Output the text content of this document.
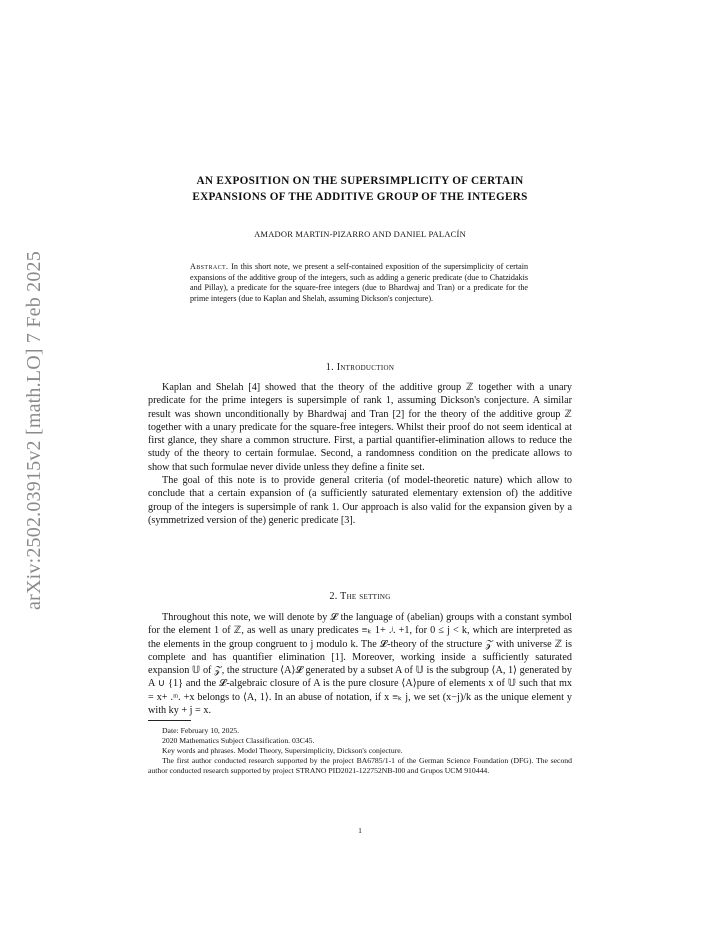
arXiv:2502.03915v2 [math.LO] 7 Feb 2025
AN EXPOSITION ON THE SUPERSIMPLICITY OF CERTAIN
EXPANSIONS OF THE ADDITIVE GROUP OF THE INTEGERS
AMADOR MARTIN-PIZARRO AND DANIEL PALACÍN
Abstract. In this short note, we present a self-contained exposition of the supersimplicity of certain expansions of the additive group of the integers, such as adding a generic predicate (due to Chatzidakis and Pillay), a predicate for the square-free integers (due to Bhardwaj and Tran) or a predicate for the prime integers (due to Kaplan and Shelah, assuming Dickson's conjecture).
1. Introduction

Kaplan and Shelah [4] showed that the theory of the additive group ℤ together with a unary predicate for the prime integers is supersimple of rank 1, assuming Dickson's conjecture. A similar result was shown unconditionally by Bhardwaj and Tran [2] for the theory of the additive group ℤ together with a unary predicate for the square-free integers. Whilst their proof do not seem identical at first glance, they share a common structure. First, a partial quantifier-elimination allows to reduce the study of the theory to certain formulae. Second, a randomness condition on the predicate allows to show that such formulae never divide unless they define a finite set.

The goal of this note is to provide general criteria (of model-theoretic nature) which allow to conclude that a certain expansion of (a sufficiently saturated elementary extension of) the additive group of the integers is supersimple of rank 1. Our approach is also valid for the expansion given by a (symmetrized version of the) generic predicate [3].

2. The setting

Throughout this note, we will denote by 𝓛 the language of (abelian) groups with a constant symbol for the element 1 of ℤ, as well as unary predicates ≡ₖ 1+ .ʲ. +1, for 0 ≤ j < k, which are interpreted as the elements in the group congruent to j modulo k. The 𝓛-theory of the structure 𝒵 with universe ℤ is complete and has quantifier elimination [1]. Moreover, working inside a sufficiently saturated expansion 𝕌 of 𝒵, the structure ⟨A⟩𝓛 generated by a subset A of 𝕌 is the subgroup ⟨A, 1⟩ generated by A ∪ {1} and the 𝓛-algebraic closure of A is the pure closure ⟨A⟩pure of elements x of 𝕌 such that mx = x+ .ᵐ. +x belongs to ⟨A, 1⟩. In an abuse of notation, if x ≡ₖ j, we set (x−j)/k as the unique element y with ky + j = x.

Date: February 10, 2025.

2020 Mathematics Subject Classification. 03C45.

Key words and phrases. Model Theory, Supersimplicity, Dickson's conjecture.

The first author conducted research supported by the project BA6785/1-1 of the German Science Foundation (DFG). The second author conducted research supported by project STRANO PID2021-122752NB-I00 and Grupos UCM 910444.

1
